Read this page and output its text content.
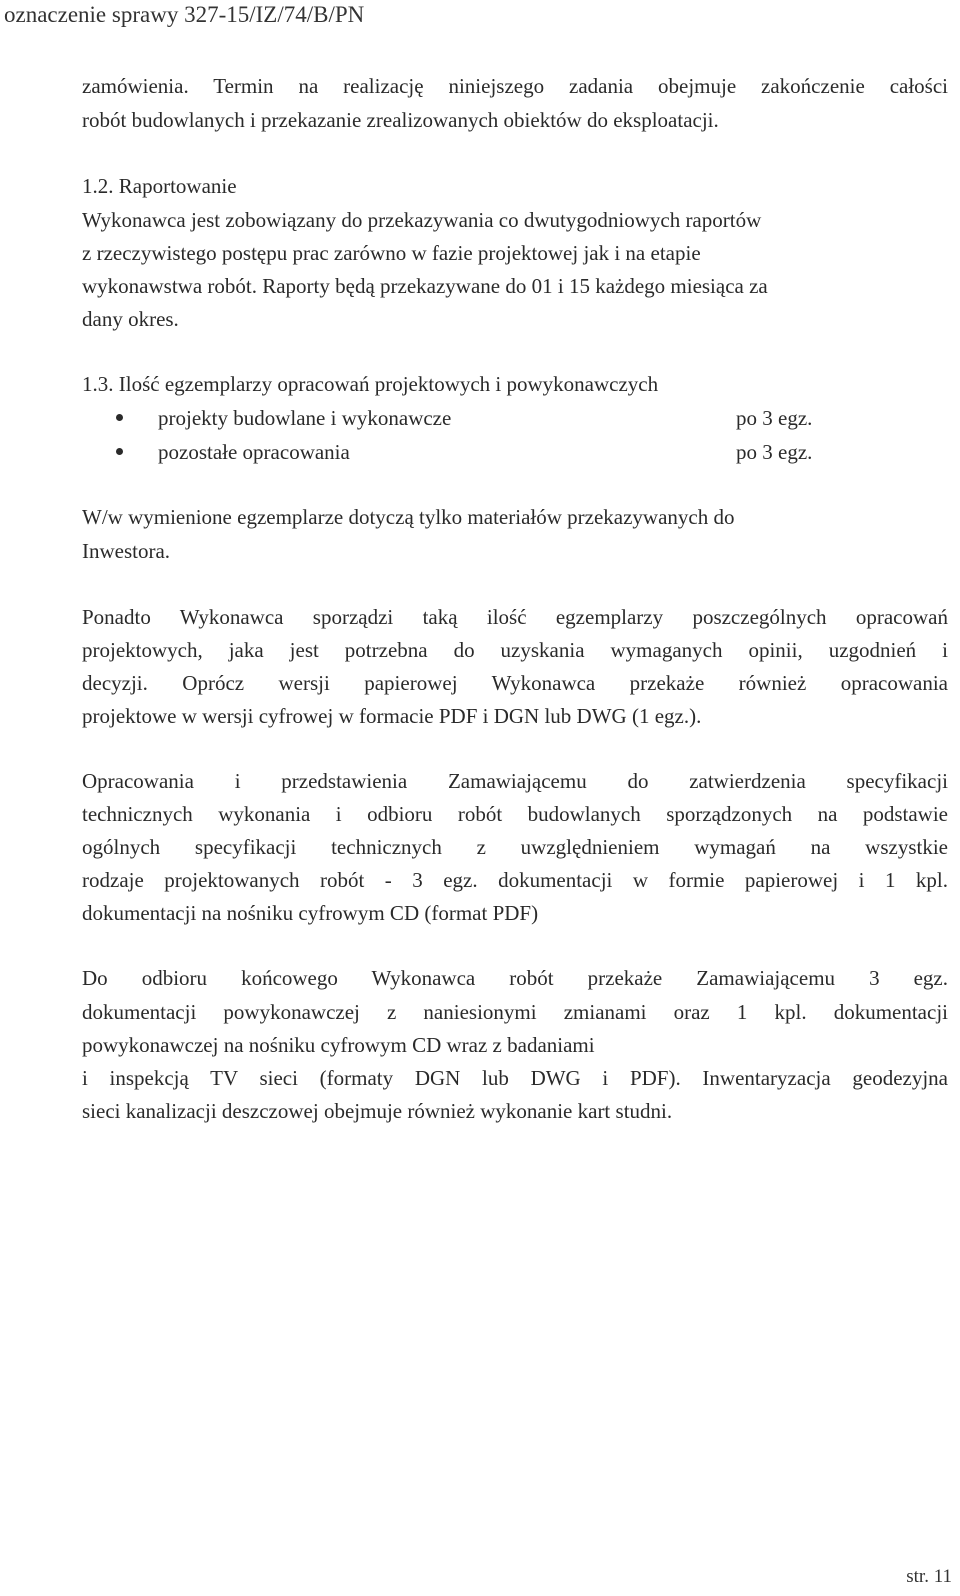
oznaczenie sprawy 327-15/IZ/74/B/PN
zamówienia. Termin na realizację niniejszego zadania obejmuje zakończenie całości
robót budowlanych i przekazanie zrealizowanych obiektów do eksploatacji.
1.2. Raportowanie
Wykonawca jest zobowiązany do przekazywania co dwutygodniowych raportów
z rzeczywistego postępu prac zarówno w fazie projektowej jak i na etapie
wykonawstwa robót. Raporty będą przekazywane do 01 i 15 każdego miesiąca za
dany okres.
1.3. Ilość egzemplarzy opracowań projektowych i powykonawczych
projekty budowlane i wykonawcze	po 3 egz.
pozostałe opracowania	po 3 egz.
W/w wymienione egzemplarze dotyczą tylko materiałów przekazywanych do
Inwestora.
Ponadto Wykonawca sporządzi taką ilość egzemplarzy poszczególnych opracowań
projektowych, jaka jest potrzebna do uzyskania wymaganych opinii, uzgodnień i
decyzji. Oprócz wersji papierowej Wykonawca przekaże również opracowania
projektowe w wersji cyfrowej w formacie PDF i DGN lub DWG (1 egz.).
Opracowania i przedstawienia Zamawiającemu do zatwierdzenia specyfikacji
technicznych wykonania i odbioru robót budowlanych sporządzonych na podstawie
ogólnych specyfikacji technicznych z uwzględnieniem wymagań na wszystkie
rodzaje projektowanych robót - 3 egz. dokumentacji w formie papierowej i 1 kpl.
dokumentacji na nośniku cyfrowym CD (format PDF)
Do odbioru końcowego Wykonawca robót przekaże Zamawiającemu 3 egz.
dokumentacji powykonawczej z naniesionymi zmianami oraz 1 kpl. dokumentacji
powykonawczej na nośniku cyfrowym CD wraz z badaniami
i inspekcją TV sieci (formaty DGN lub DWG i PDF). Inwentaryzacja geodezyjna
sieci kanalizacji deszczowej obejmuje również wykonanie kart studni.
str. 11
